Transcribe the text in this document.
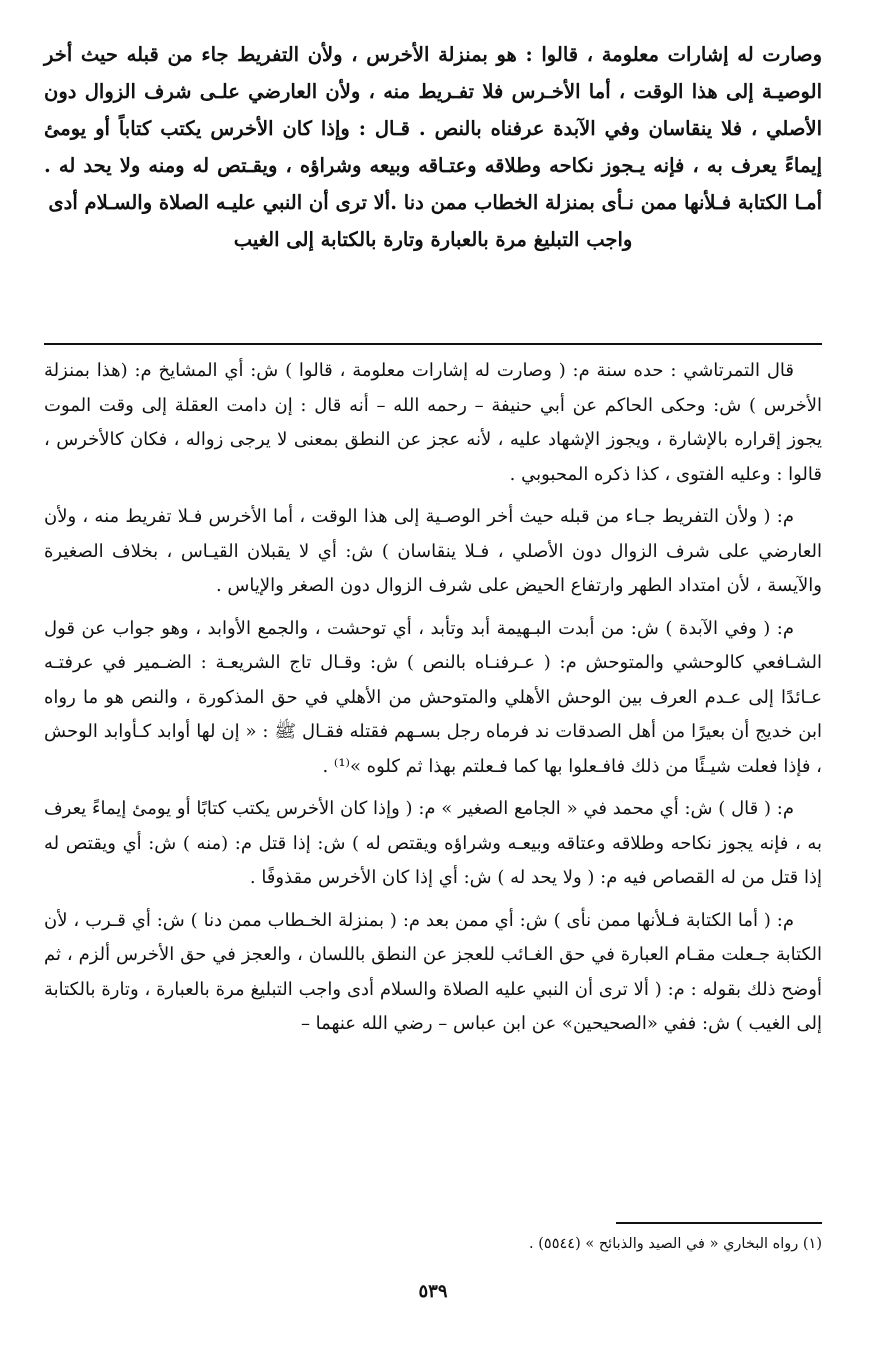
وصارت له إشارات معلومة ، قالوا : هو بمنزلة الأخرس ، ولأن التفريط جاء من قبله حيث أخر الوصيـة إلى هذا الوقت ، أما الأخـرس فلا تفـريط منه ، ولأن العارضي علـى شرف الزوال دون الأصلي ، فلا ينقاسان وفي الآبدة عرفناه بالنص . قـال : وإذا كان الأخرس يكتب كتاباً أو يومئ إيماءً يعرف به ، فإنه يـجوز نكاحه وطلاقه وعتـاقه وبيعه وشراؤه ، ويقـتص له ومنه ولا يحد له . أمـا الكتابة فـلأنها ممن نـأى بمنزلة الخطاب ممن دنا .ألا ترى أن النبي عليـه الصلاة والسـلام أدى
واجب التبليغ مرة بالعبارة وتارة بالكتابة إلى الغيب

قال التمرتاشي : حده سنة م: ( وصارت له إشارات معلومة ، قالوا ) ش: أي المشايخ م: (هذا بمنزلة الأخرس ) ش: وحكى الحاكم عن أبي حنيفة – رحمه الله – أنه قال : إن دامت العقلة إلى وقت الموت يجوز إقراره بالإشارة ، ويجوز الإشهاد عليه ، لأنه عجز عن النطق بمعنى لا يرجى زواله ، فكان كالأخرس ، قالوا : وعليه الفتوى ، كذا ذكره المحبوبي .

م: ( ولأن التفريط جـاء من قبله حيث أخر الوصـية إلى هذا الوقت ، أما الأخرس فـلا تفريط منه ، ولأن العارضي على شرف الزوال دون الأصلي ، فـلا ينقاسان ) ش: أي لا يقبلان القيـاس ، بخلاف الصغيرة والآيسة ، لأن امتداد الطهر وارتفاع الحيض على شرف الزوال دون الصغر والإياس .

م: ( وفي الآبدة ) ش: من أبدت البـهيمة أبد وتأبد ، أي توحشت ، والجمع الأوابد ، وهو جواب عن قول الشـافعي كالوحشي والمتوحش م: ( عـرفنـاه بالنص ) ش: وقـال تاج الشريعـة : الضـمير في عرفتـه عـائدًا إلى عـدم العرف بين الوحش الأهلي والمتوحش من الأهلي في حق المذكورة ، والنص هو ما رواه ابن خديج أن بعيرًا من أهل الصدقات ند فرماه رجل بسـهم فقتله فقـال ﷺ : « إن لها أوابد كـأوابد الوحش ، فإذا فعلت شيـئًا من ذلك فافـعلوا بها كما فـعلتم بهذا ثم كلوه »⁽¹⁾ .

م: ( قال ) ش: أي محمد في « الجامع الصغير » م: ( وإذا كان الأخرس يكتب كتابًا أو يومئ إيماءً يعرف به ، فإنه يجوز نكاحه وطلاقه وعتاقه وبيعـه وشراؤه ويقتص له ) ش: إذا قتل م: (منه ) ش: أي ويقتص له إذا قتل من له القصاص فيه م: ( ولا يحد له ) ش: أي إذا كان الأخرس مقذوفًا .

م: ( أما الكتابة فـلأنها ممن نأى ) ش: أي ممن بعد م: ( بمنزلة الخـطاب ممن دنا ) ش: أي قـرب ، لأن الكتابة جـعلت مقـام العبارة في حق الغـائب للعجز عن النطق باللسان ، والعجز في حق الأخرس ألزم ، ثم أوضح ذلك بقوله : م: ( ألا ترى أن النبي عليه الصلاة والسلام أدى واجب التبليغ مرة بالعبارة ، وتارة بالكتابة إلى الغيب ) ش: ففي «الصحيحين» عن ابن عباس – رضي الله عنهما –

(١) رواه البخاري « في الصيد والذبائح » (٥٥٤٤) .
٥٣٩
